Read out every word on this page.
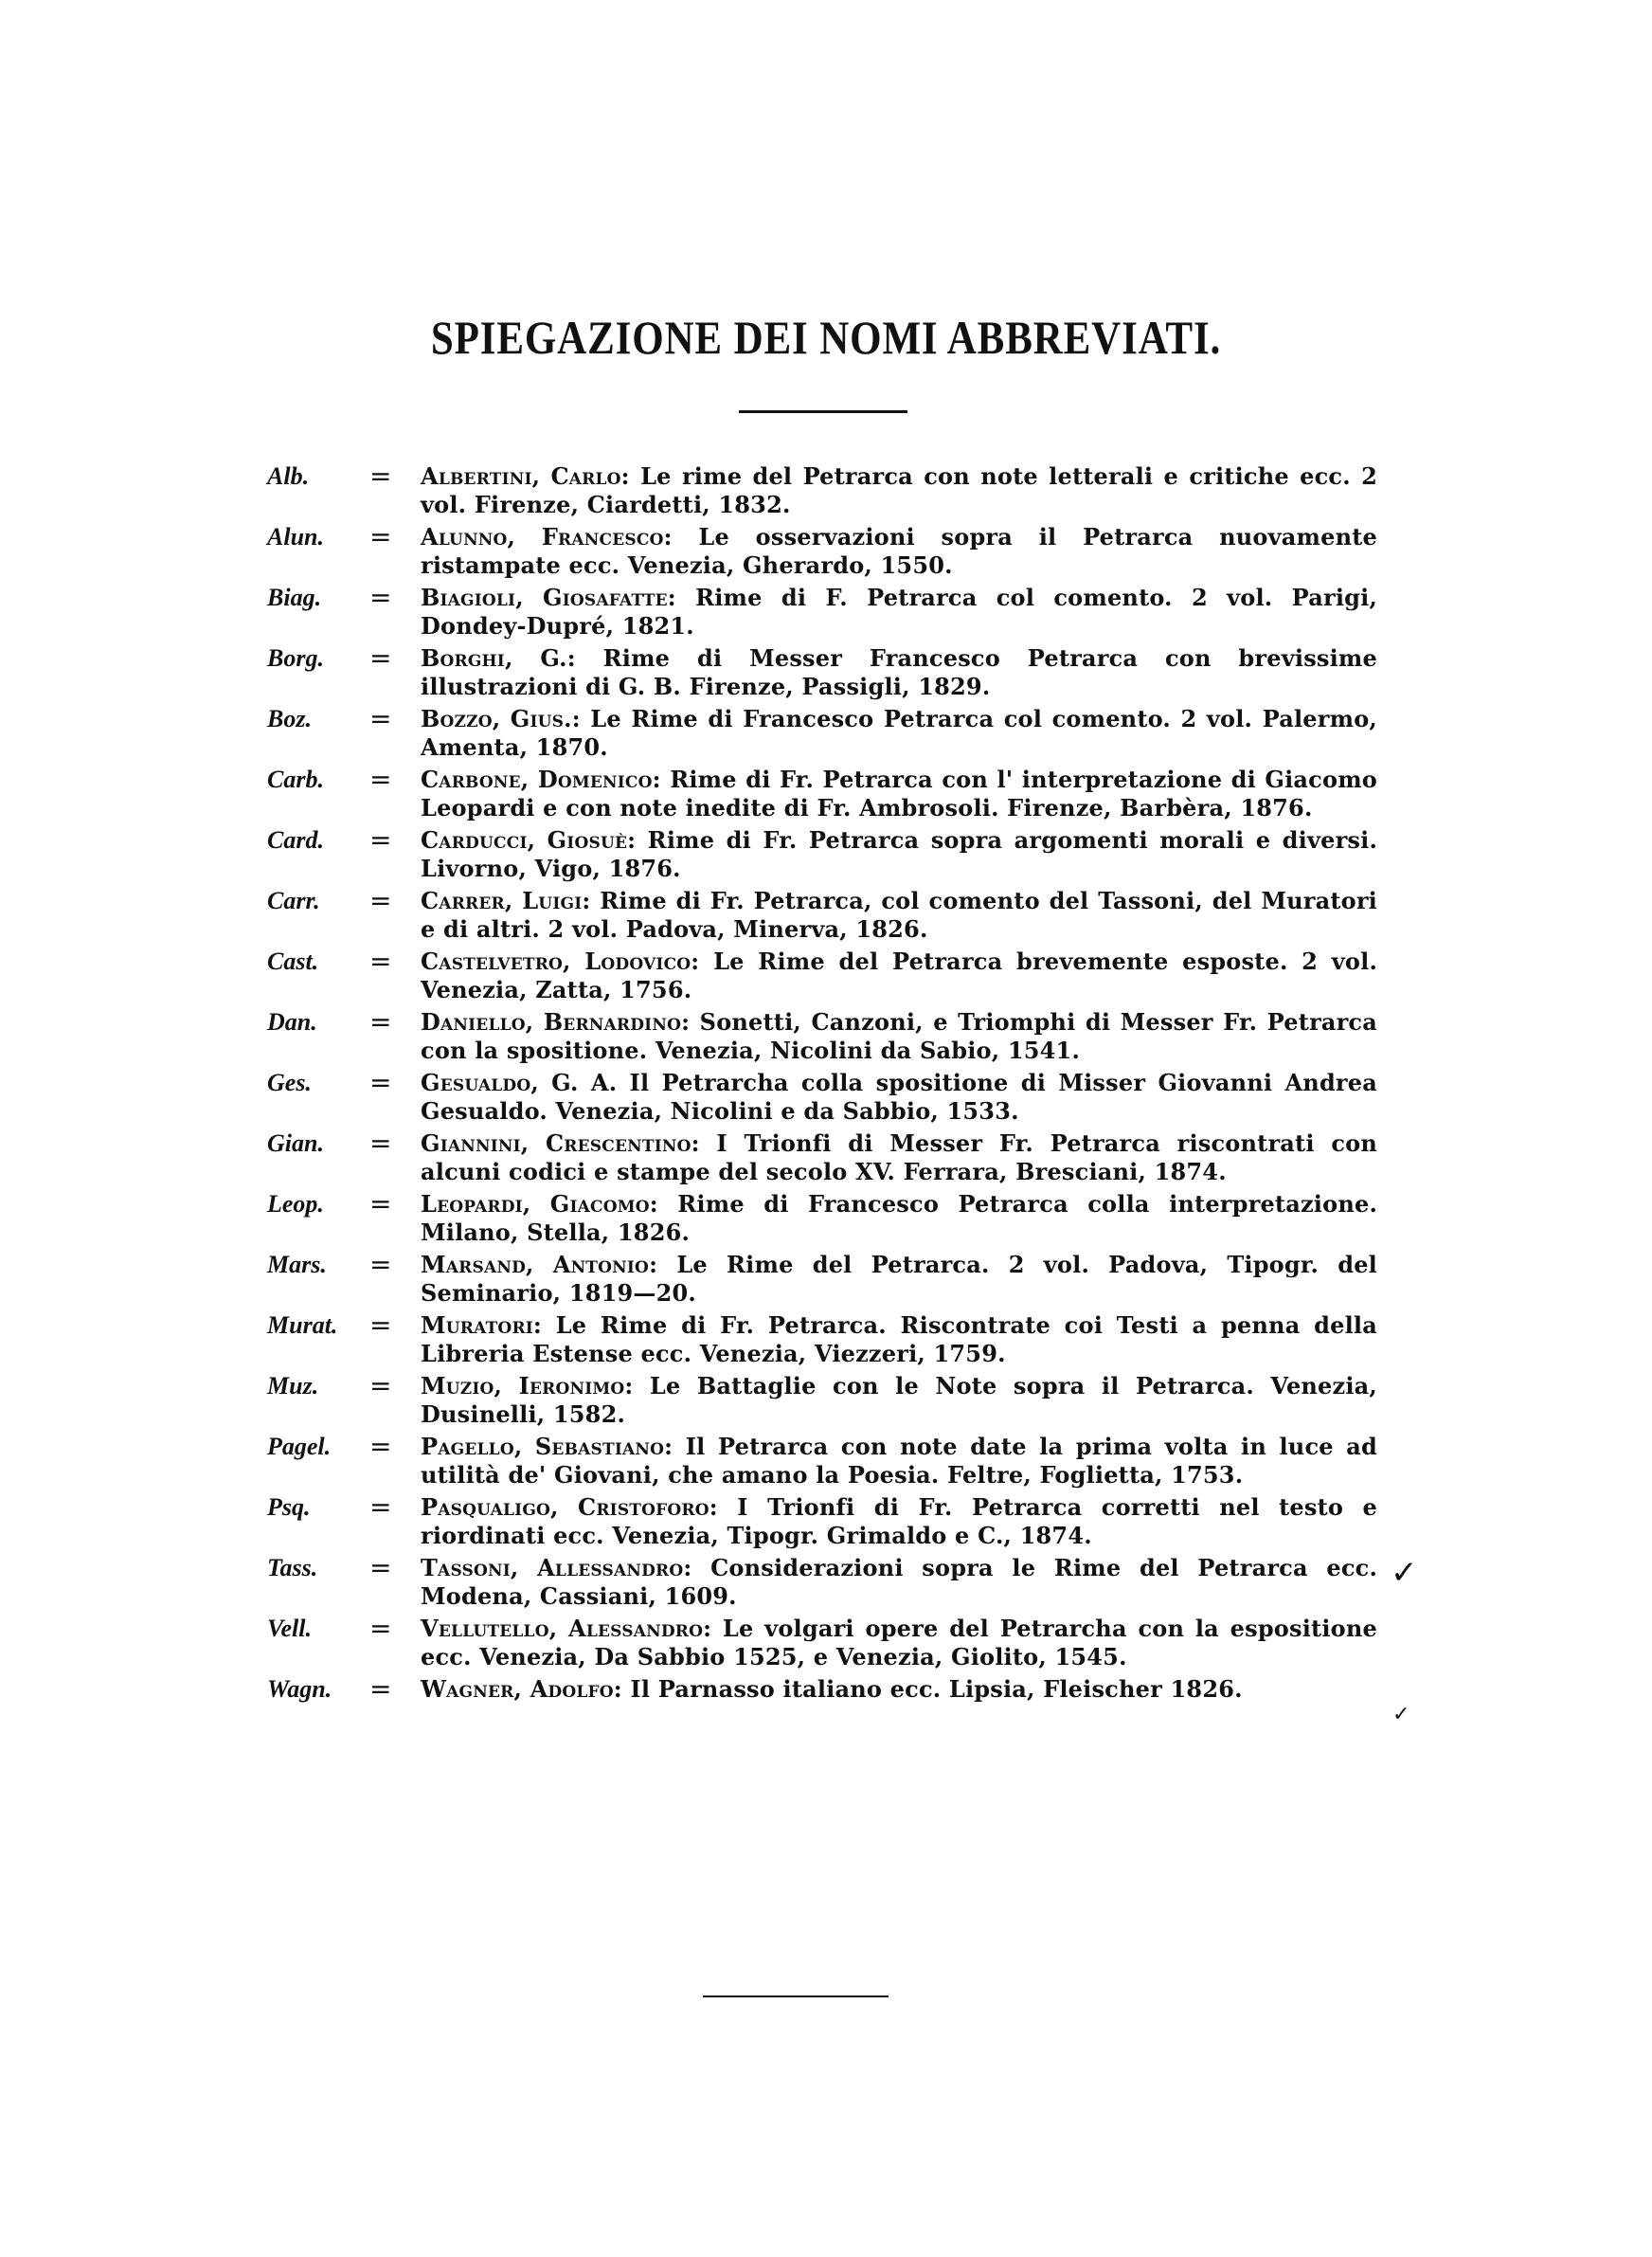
SPIEGAZIONE DEI NOMI ABBREVIATI.
Alb.	= Albertini, Carlo: Le rime del Petrarca con note letterali e critiche ecc. 2 vol. Firenze, Ciardetti, 1832.
Alun.	= Alunno, Francesco: Le osservazioni sopra il Petrarca nuovamente ristampate ecc. Venezia, Gherardo, 1550.
Biag.	= Biagioli, Giosafatte: Rime di F. Petrarca col comento. 2 vol. Parigi, Dondey-Dupré, 1821.
Borg.	= Borghi, G.: Rime di Messer Francesco Petrarca con brevissime illustrazioni di G. B. Firenze, Passigli, 1829.
Boz.	= Bozzo, Gius.: Le Rime di Francesco Petrarca col comento. 2 vol. Palermo, Amenta, 1870.
Carb.	= Carbone, Domenico: Rime di Fr. Petrarca con l' interpretazione di Giacomo Leopardi e con note inedite di Fr. Ambrosoli. Firenze, Barbèra, 1876.
Card.	= Carducci, Giosuè: Rime di Fr. Petrarca sopra argomenti morali e diversi. Livorno, Vigo, 1876.
Carr.	= Carrer, Luigi: Rime di Fr. Petrarca, col comento del Tassoni, del Muratori e di altri. 2 vol. Padova, Minerva, 1826.
Cast.	= Castelvetro, Lodovico: Le Rime del Petrarca brevemente esposte. 2 vol. Venezia, Zatta, 1756.
Dan.	= Daniello, Bernardino: Sonetti, Canzoni, e Triomphi di Messer Fr. Petrarca con la spositione. Venezia, Nicolini da Sabio, 1541.
Ges.	= Gesualdo, G. A. Il Petrarcha colla spositione di Misser Giovanni Andrea Gesualdo. Venezia, Nicolini e da Sabbio, 1533.
Gian.	= Giannini, Crescentino: I Trionfi di Messer Fr. Petrarca riscontrati con alcuni codici e stampe del secolo XV. Ferrara, Bresciani, 1874.
Leop.	= Leopardi, Giacomo: Rime di Francesco Petrarca colla interpretazione. Milano, Stella, 1826.
Mars.	= Marsand, Antonio: Le Rime del Petrarca. 2 vol. Padova, Tipogr. del Seminario, 1819—20.
Murat.	= Muratori: Le Rime di Fr. Petrarca. Riscontrate coi Testi a penna della Libreria Estense ecc. Venezia, Viezzeri, 1759.
Muz.	= Muzio, Ieronimo: Le Battaglie con le Note sopra il Petrarca. Venezia, Dusinelli, 1582.
Pagel.	= Pagello, Sebastiano: Il Petrarca con note date la prima volta in luce ad utilità de' Giovani, che amano la Poesia. Feltre, Foglietta, 1753.
Psq.	= Pasqualigo, Cristoforo: I Trionfi di Fr. Petrarca corretti nel testo e riordinati ecc. Venezia, Tipogr. Grimaldo e C., 1874.
Tass.	= Tassoni, Allessandro: Considerazioni sopra le Rime del Petrarca ecc. Modena, Cassiani, 1609.
Vell.	= Vellutello, Alessandro: Le volgari opere del Petrarcha con la espositione ecc. Venezia, Da Sabbio 1525, e Venezia, Giolito, 1545.
Wagn.	= Wagner, Adolfo: Il Parnasso italiano ecc. Lipsia, Fleischer 1826.
✓
✓
